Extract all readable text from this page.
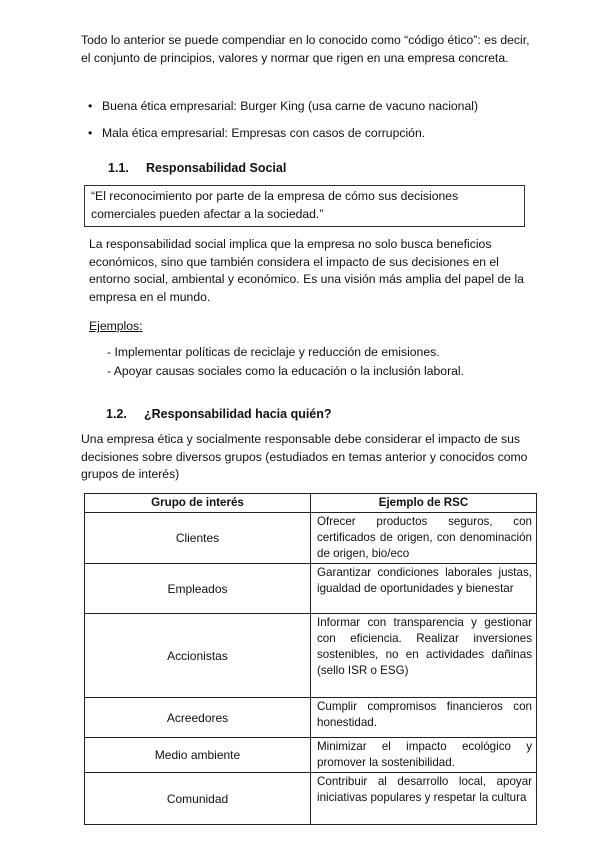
Todo lo anterior se puede compendiar en lo conocido como “código ético”: es decir, el conjunto de principios, valores y normar que rigen en una empresa concreta.

• Buena ética empresarial: Burger King (usa carne de vacuno nacional)
• Mala ética empresarial: Empresas con casos de corrupción.
1.1. Responsabilidad Social
“El reconocimiento por parte de la empresa de cómo sus decisiones comerciales pueden afectar a la sociedad.”

La responsabilidad social implica que la empresa no solo busca beneficios económicos, sino que también considera el impacto de sus decisiones en el entorno social, ambiental y económico. Es una visión más amplia del papel de la empresa en el mundo.

Ejemplos:
- Implementar políticas de reciclaje y reducción de emisiones.
- Apoyar causas sociales como la educación o la inclusión laboral.
1.2. ¿Responsabilidad hacia quién?

Una empresa ética y socialmente responsable debe considerar el impacto de sus decisiones sobre diversos grupos (estudiados en temas anterior y conocidos como grupos de interés)

Grupo de interés	Ejemplo de RSC
Clientes	Ofrecer productos seguros, con certificados de origen, con denominación de origen, bio/eco
Empleados	Garantizar condiciones laborales justas, igualdad de oportunidades y bienestar
Accionistas	Informar con transparencia y gestionar con eficiencia. Realizar inversiones sostenibles, no en actividades dañinas (sello ISR o ESG)
Acreedores	Cumplir compromisos financieros con honestidad.
Medio ambiente	Minimizar el impacto ecológico y promover la sostenibilidad.
Comunidad	Contribuir al desarrollo local, apoyar iniciativas populares y respetar la cultura
